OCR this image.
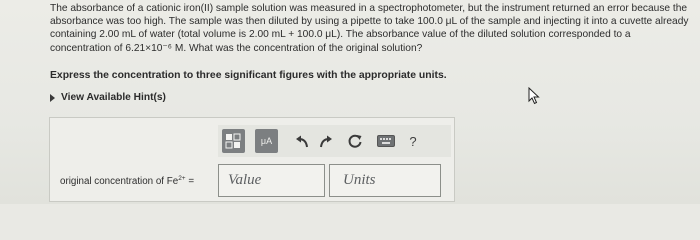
The absorbance of a cationic iron(II) sample solution was measured in a spectrophotometer, but the instrument returned an error because the

absorbance was too high. The sample was then diluted by using a pipette to take 100.0 μL of the sample and injecting it into a cuvette already

containing 2.00 mL of water (total volume is 2.00 mL + 100.0 μL). The absorbance value of the diluted solution corresponded to a

concentration of 6.21×10⁻⁶ M. What was the concentration of the original solution?

Express the concentration to three significant figures with the appropriate units.
View Available Hint(s)
μA	?
original concentration of $Fe^{2+}$ = Value	Units
